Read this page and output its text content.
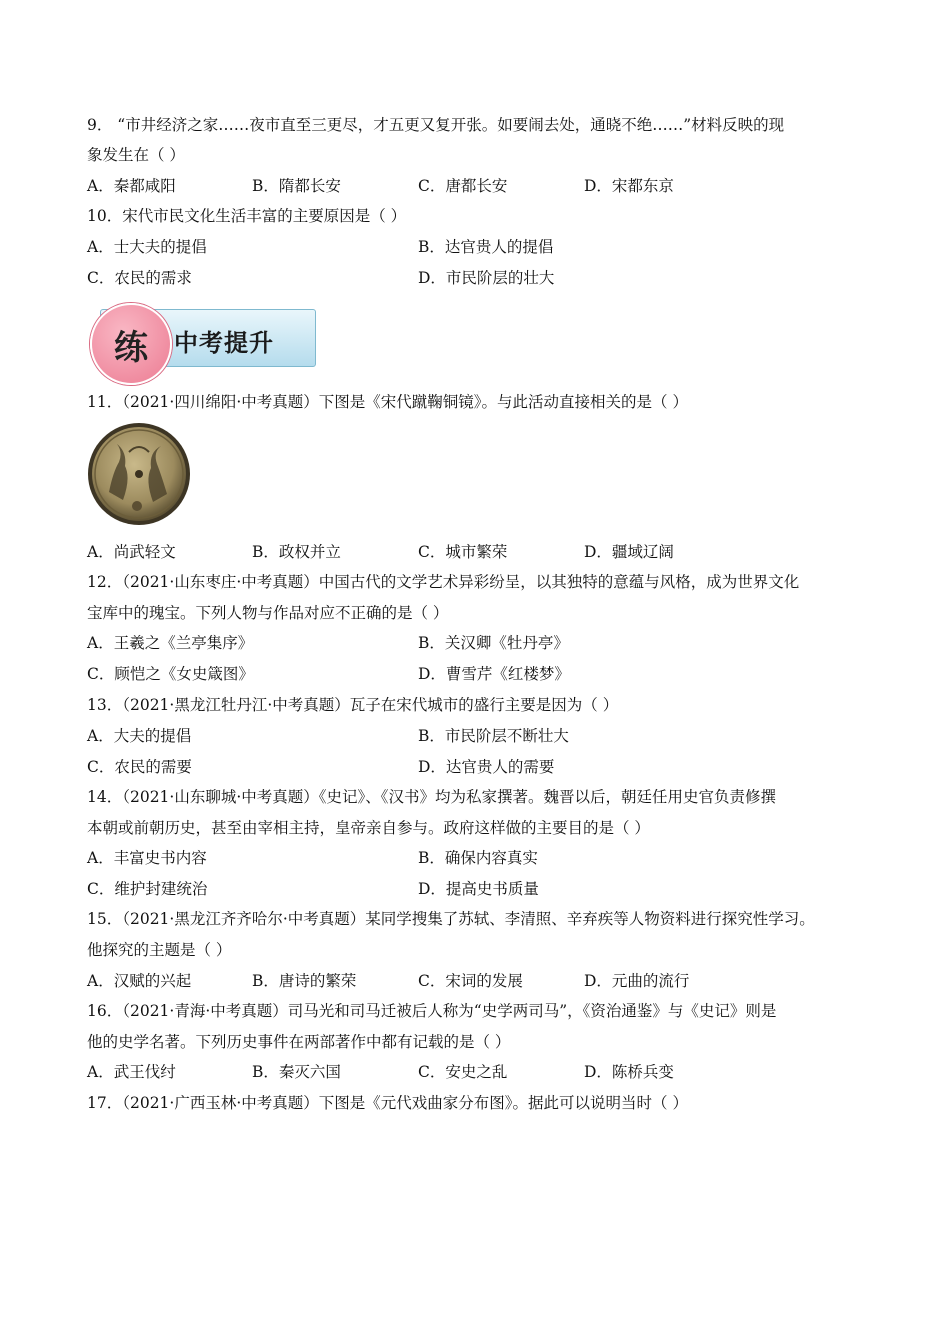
9． “市井经济之家……夜市直至三更尽，才五更又复开张。如要闹去处，通晓不绝……”材料反映的现
象发生在（ ）
A．秦都咸阳	B．隋都长安	C．唐都长安	D．宋都东京
10．宋代市民文化生活丰富的主要原因是（ ）
A．士大夫的提倡	B．达官贵人的提倡
C．农民的需求	D．市民阶层的壮大
练 中考提升
11．（2021·四川绵阳·中考真题）下图是《宋代蹴鞠铜镜》。与此活动直接相关的是（ ）
A．尚武轻文	B．政权并立	C．城市繁荣	D．疆域辽阔
12．（2021·山东枣庄·中考真题）中国古代的文学艺术异彩纷呈，以其独特的意蕴与风格，成为世界文化
宝库中的瑰宝。下列人物与作品对应不正确的是（ ）
A．王羲之《兰亭集序》	B．关汉卿《牡丹亭》
C．顾恺之《女史箴图》	D．曹雪芹《红楼梦》
13．（2021·黑龙江牡丹江·中考真题）瓦子在宋代城市的盛行主要是因为（ ）
A．大夫的提倡	B．市民阶层不断壮大
C．农民的需要	D．达官贵人的需要
14．（2021·山东聊城·中考真题）《史记》、《汉书》均为私家撰著。魏晋以后，朝廷任用史官负责修撰
本朝或前朝历史，甚至由宰相主持，皇帝亲自参与。政府这样做的主要目的是（ ）
A．丰富史书内容	B．确保内容真实
C．维护封建统治	D．提高史书质量
15．（2021·黑龙江齐齐哈尔·中考真题）某同学搜集了苏轼、李清照、辛弃疾等人物资料进行探究性学习。
他探究的主题是（ ）
A．汉赋的兴起	B．唐诗的繁荣	C．宋词的发展	D．元曲的流行
16．（2021·青海·中考真题）司马光和司马迁被后人称为“史学两司马”，《资治通鉴》与《史记》则是
他的史学名著。下列历史事件在两部著作中都有记载的是（ ）
A．武王伐纣	B．秦灭六国	C．安史之乱	D．陈桥兵变
17．（2021·广西玉林·中考真题）下图是《元代戏曲家分布图》。据此可以说明当时（ ）
